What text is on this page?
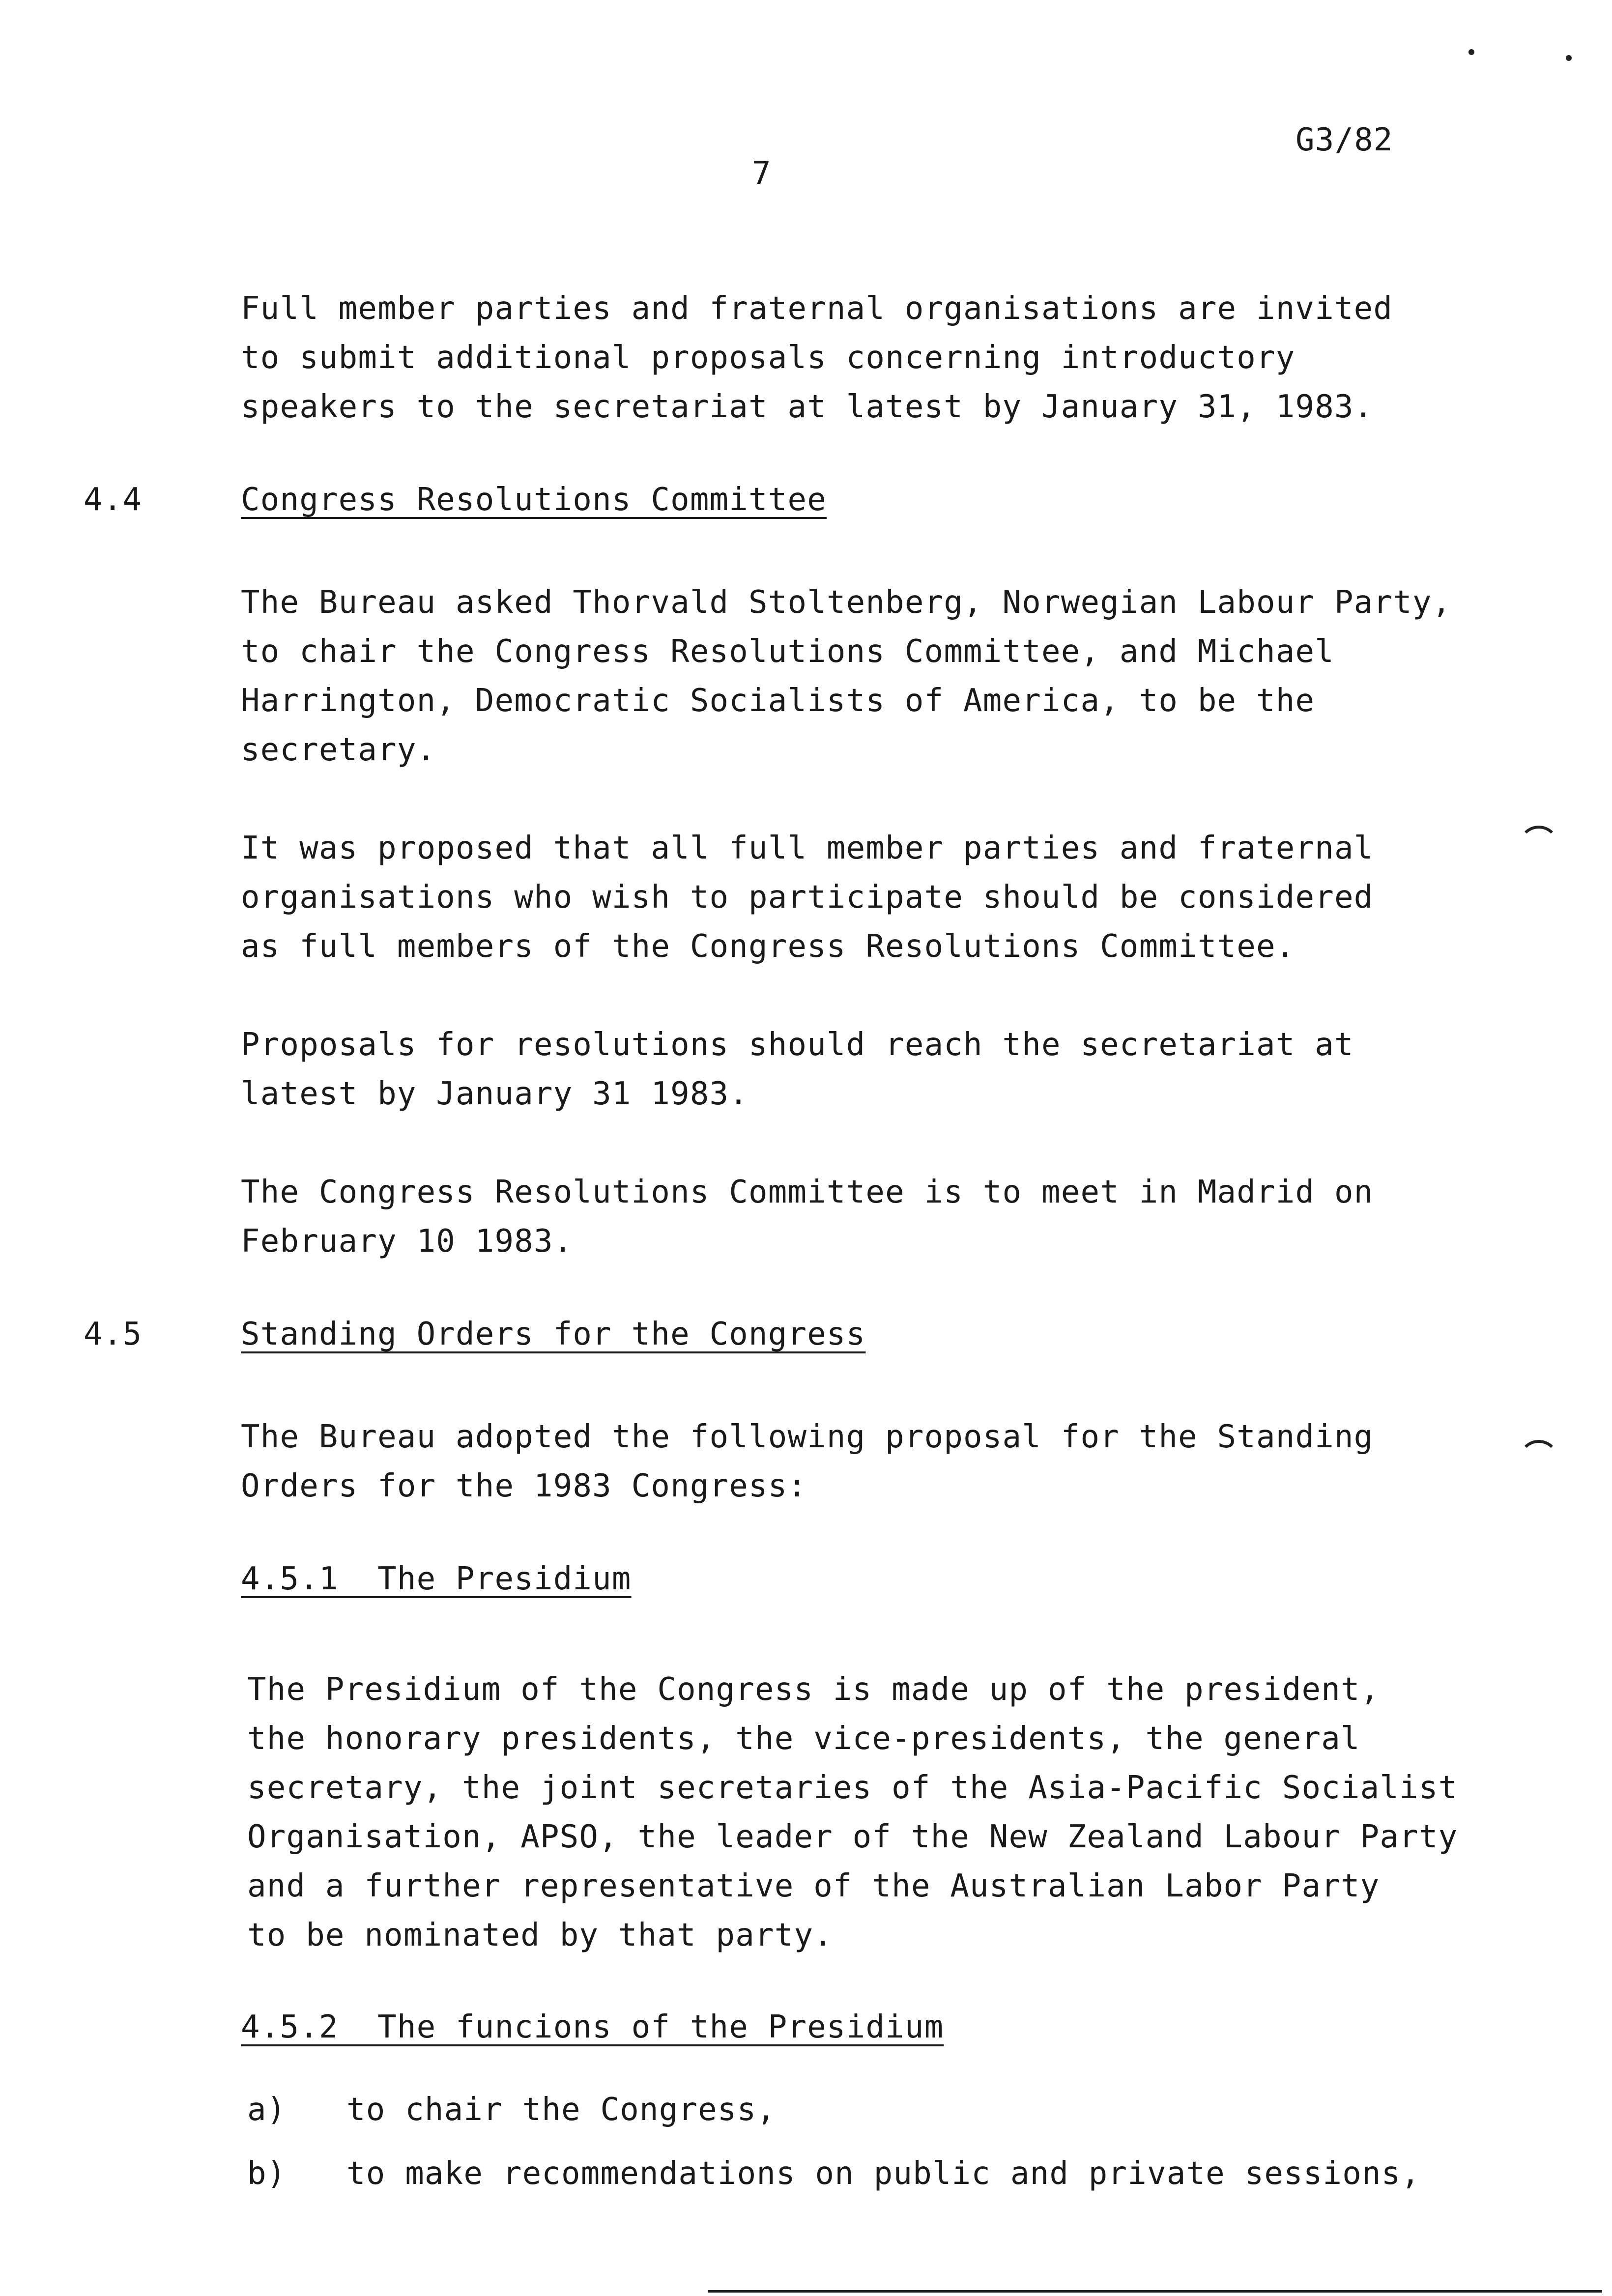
G3/82
7
Full member parties and fraternal organisations are invited
to submit additional proposals concerning introductory
speakers to the secretariat at latest by January 31, 1983.
4.4	Congress Resolutions Committee
The Bureau asked Thorvald Stoltenberg, Norwegian Labour Party,
to chair the Congress Resolutions Committee, and Michael
Harrington, Democratic Socialists of America, to be the
secretary.
It was proposed that all full member parties and fraternal
organisations who wish to participate should be considered
as full members of the Congress Resolutions Committee.
Proposals for resolutions should reach the secretariat at
latest by January 31 1983.
The Congress Resolutions Committee is to meet in Madrid on
February 10 1983.
4.5	Standing Orders for the Congress
The Bureau adopted the following proposal for the Standing
Orders for the 1983 Congress:
4.5.1  The Presidium
The Presidium of the Congress is made up of the president,
the honorary presidents, the vice-presidents, the general
secretary, the joint secretaries of the Asia-Pacific Socialist
Organisation, APSO, the leader of the New Zealand Labour Party
and a further representative of the Australian Labor Party
to be nominated by that party.
4.5.2  The funcions of the Presidium
a) to chair the Congress,
b) to make recommendations on public and private sessions,
